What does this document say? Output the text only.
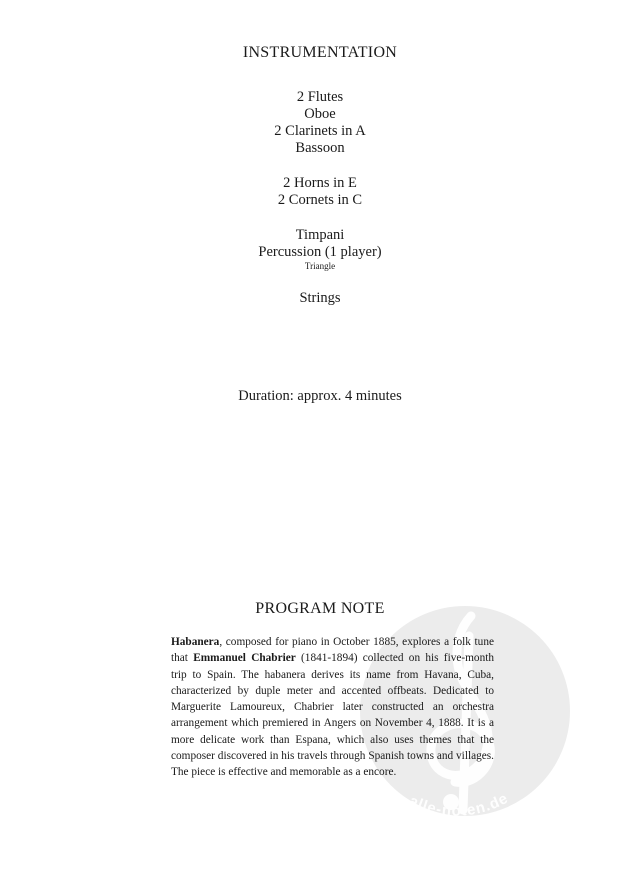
INSTRUMENTATION
2 Flutes
Oboe
2 Clarinets in A
Bassoon
2 Horns in E
2 Cornets in C
Timpani
Percussion (1 player)
Triangle
Strings
Duration: approx. 4 minutes
alle-noten.de
PROGRAM NOTE
Habanera, composed for piano in October 1885, explores a folk tune that Emmanuel Chabrier (1841-1894) collected on his five-month trip to Spain. The habanera derives its name from Havana, Cuba, characterized by duple meter and accented offbeats. Dedicated to Marguerite Lamoureux, Chabrier later constructed an orchestra arrangement which premiered in Angers on November 4, 1888. It is a more delicate work than Espana, which also uses themes that the composer discovered in his travels through Spanish towns and villages. The piece is effective and memorable as a encore.
